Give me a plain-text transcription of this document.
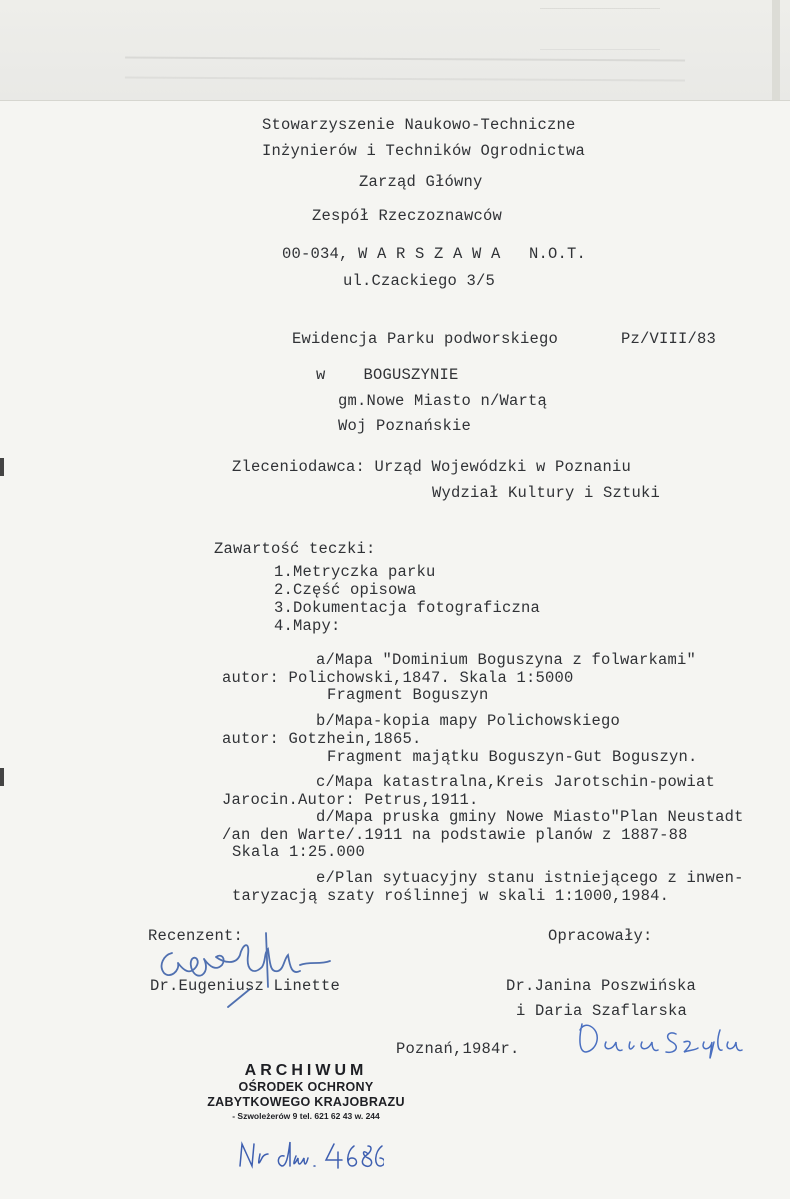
Stowarzyszenie Naukowo-Techniczne
Inżynierów i Techników Ogrodnictwa
Zarząd Główny
Zespół Rzeczoznawców
00-034, W A R S Z A W A   N.O.T.
ul.Czackiego 3/5
Ewidencja Parku podworskiego	Pz/VIII/83
w    BOGUSZYNIE
gm.Nowe Miasto n/Wartą
Woj Poznańskie
Zleceniodawca: Urząd Wojewódzki w Poznaniu
Wydział Kultury i Sztuki
Zawartość teczki:
1.Metryczka parku
2.Część opisowa
3.Dokumentacja fotograficzna
4.Mapy:
a/Mapa "Dominium Boguszyna z folwarkami"
autor: Polichowski,1847. Skala 1:5000
Fragment Boguszyn
b/Mapa-kopia mapy Polichowskiego
autor: Gotzhein,1865.
Fragment majątku Boguszyn-Gut Boguszyn.
c/Mapa katastralna,Kreis Jarotschin-powiat
Jarocin.Autor: Petrus,1911.
d/Mapa pruska gminy Nowe Miasto"Plan Neustadt
/an den Warte/.1911 na podstawie planów z 1887-88
Skala 1:25.000
e/Plan sytuacyjny stanu istniejącego z inwen-
taryzacją szaty roślinnej w skali 1:1000,1984.
Recenzent:	Opracowały:
Dr.Eugeniusz Linette	Dr.Janina Poszwińska
i Daria Szaflarska
Poznań,1984r.
ARCHIWUM
OŚRODEK OCHRONY
ZABYTKOWEGO KRAJOBRAZU
- Szwoleżerów 9 tel. 621 62 43 w. 244
